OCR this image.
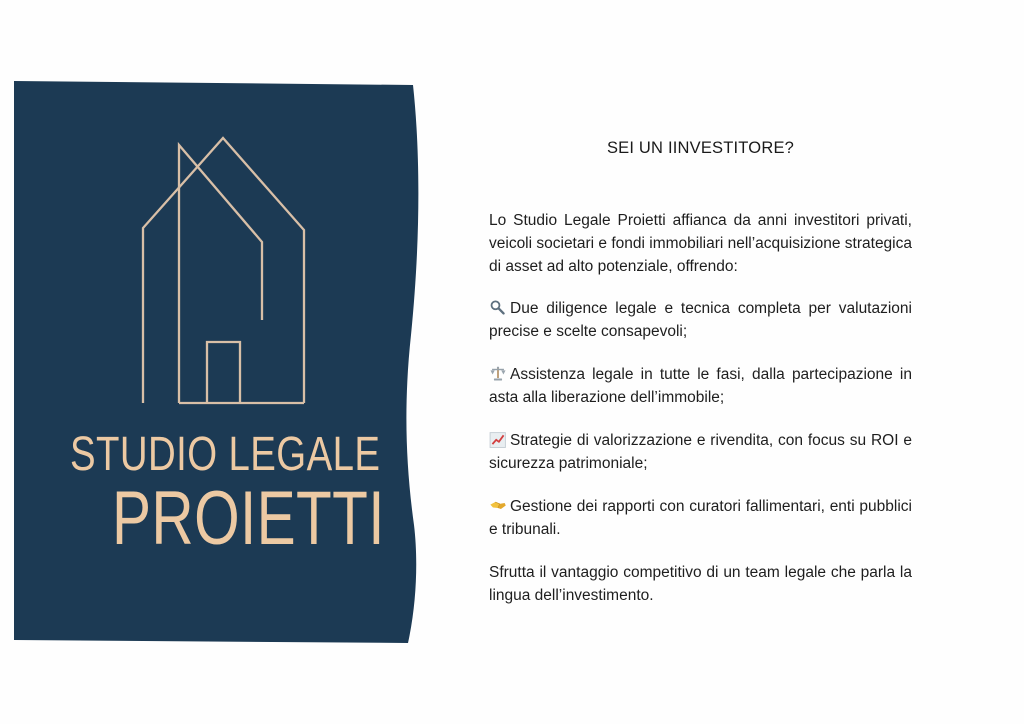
STUDIO LEGALE
PROIETTI
SEI UN IINVESTITORE?

Lo Studio Legale Proietti affianca da anni investitori privati, veicoli societari e fondi immobiliari nell’acquisizione strategica di asset ad alto potenziale, offrendo:

Due diligence legale e tecnica completa per valutazioni precise e scelte consapevoli;

Assistenza legale in tutte le fasi, dalla partecipazione in asta alla liberazione dell’immobile;

Strategie di valorizzazione e rivendita, con focus su ROI e sicurezza patrimoniale;

Gestione dei rapporti con curatori fallimentari, enti pubblici e tribunali.

Sfrutta il vantaggio competitivo di un team legale che parla la lingua dell’investimento.
